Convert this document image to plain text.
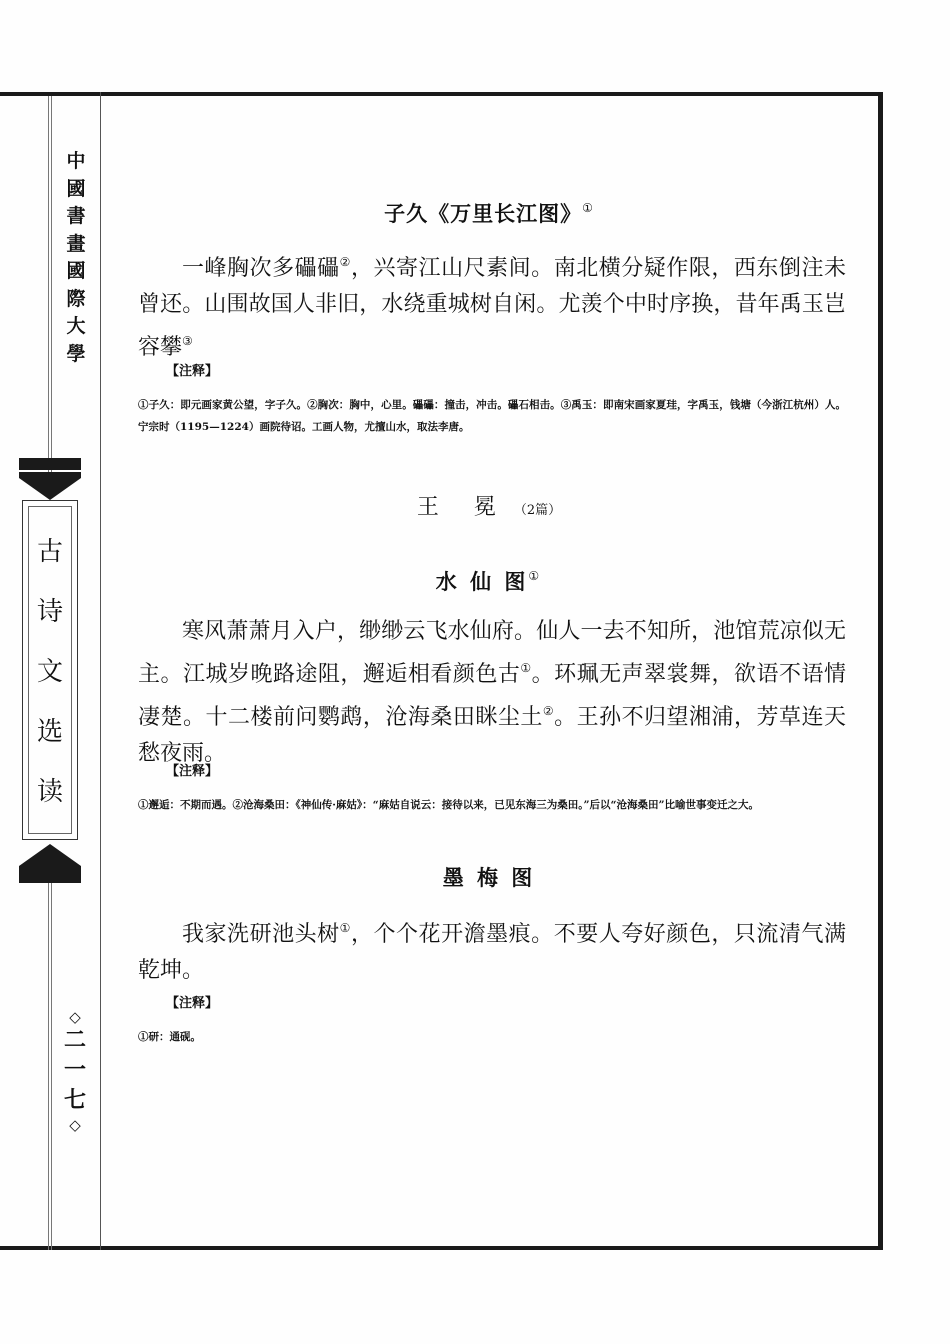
中
國
書
畫
國
際
大
學
古
诗
文
选
读
◇
二
一
七
◇
子久《万里长江图》①

一峰胸次多礧礧②，兴寄江山尺素间。南北横分疑作限，西东倒注未曾还。山围故国人非旧，水绕重城树自闲。尤羡个中时序换，昔年禹玉岂容攀③

【注释】

①子久：即元画家黄公望，字子久。②胸次：胸中，心里。礧礧：撞击，冲击。礧石相击。③禹玉：即南宋画家夏珪，字禹玉，钱塘（今浙江杭州）人。宁宗时（1195—1224）画院待诏。工画人物，尤擅山水，取法李唐。

王 冕 （2篇）
水 仙 图①

寒风萧萧月入户，缈缈云飞水仙府。仙人一去不知所，池馆荒凉似无主。江城岁晚路途阻，邂逅相看颜色古①。环珮无声翠裳舞，欲语不语情凄楚。十二楼前问鹦鹉，沧海桑田眯尘土②。王孙不归望湘浦，芳草连天愁夜雨。

【注释】

①邂逅：不期而遇。②沧海桑田：《神仙传·麻姑》：“麻姑自说云：接待以来，已见东海三为桑田。”后以“沧海桑田”比喻世事变迁之大。

墨 梅 图

我家洗研池头树①，个个花开澹墨痕。不要人夸好颜色，只流清气满乾坤。

【注释】

①研：通砚。
